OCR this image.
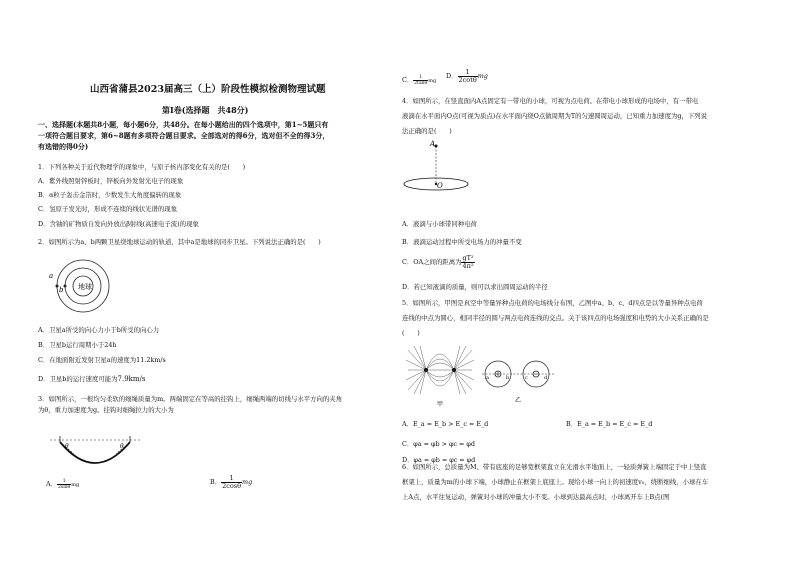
山西省蒲县2023届高三（上）阶段性模拟检测物理试题
第Ⅰ卷(选择题　共48分)
一、选择题(本题共8小题，每小题6分，共48分。在每小题给出的四个选项中，第1~5题只有
一项符合题目要求，第6~8题有多项符合题目要求。全部选对的得6分，选对但不全的得3分，
有选错的得0分)
1．下列各种关于近代物理学的现象中，与原子核内部变化有关的是(　　)
A．紫外线照射锌板时，锌板向外发射光电子的现象
B．α粒子轰击金箔时，少数发生大角度偏转的现象
C．氢原子发光时，形成不连续的线状光谱的现象
D．含铀的矿物质自发向外放出β射线(高速电子流)的现象
2．如图所示为a、b两颗卫星绕地球运动的轨道，其中a是地球的同步卫星。下列说法正确的是(　　)
地球
a
b
A．卫星a所受的向心力小于b所受的向心力
B．卫星b运行周期小于24h
C．在地面附近发射卫星a的速度为11.2km/s
D．卫星b的运行速度可能为7.9km/s
3．如图所示，一根均匀柔软的细绳质量为m。两端固定在等高的挂钩上，细绳两端的切线与水平方向的夹角
为θ，重力加速度为g。挂钩对细绳拉力的大小为
θ	θ
A． $\frac{1}{2\sin\theta}$ mg	B． $\frac{1}{2\cos\theta}$ mg
C． $\frac{1}{2\tan\theta}$ mg
D． $\frac{1}{2\cot\theta}$ mg
4．如图所示，在竖直面内A点固定有一带电的小球，可视为点电荷。在带电小球形成的电场中，有一带电
液滴在水平面内O点(可视为质点)在水平面内绕O点做周期为T的匀速圆周运动，已知重力加速度为g，下列说
法正确的是(　　)
A
O
A．液滴与小球带同种电荷
B．液滴运动过程中所受电场力的冲量不变
C．OA之间的距离为 $\frac{\text{gT²}}{\text{4π²}}$
D．若已知液滴的质量，则可以求出圆周运动的半径
5．如图所示，甲图是真空中等量异种点电荷的电场线分布图，乙图中a、b、c、d四点是以等量异种点电荷
连线的中点为圆心，相同半径的圆与两点电荷连线的交点。关于该四点的电场强度和电势的大小关系正确的是
(　　)
甲
a	b	c	d
乙
A．E_a = E_b > E_c = E_d	B．E_a = E_b = E_c = E_d
C．φa = φb > φc = φd
D．φa = φb = φc = φd
6．如图所示，总质量为M、带有底座的足够宽框架直立在光滑水平地面上，一轻质弹簧上端固定于中上竖直
框架上，质量为m的小球下端，小球静止在框架上底座上。现给小球一向上的初速度v₀，绕断细线，小球在车
上A点，水平往复运动，弹簧对小球的冲量大小不变。小球到达最高点时，小球离开车上B点(图
